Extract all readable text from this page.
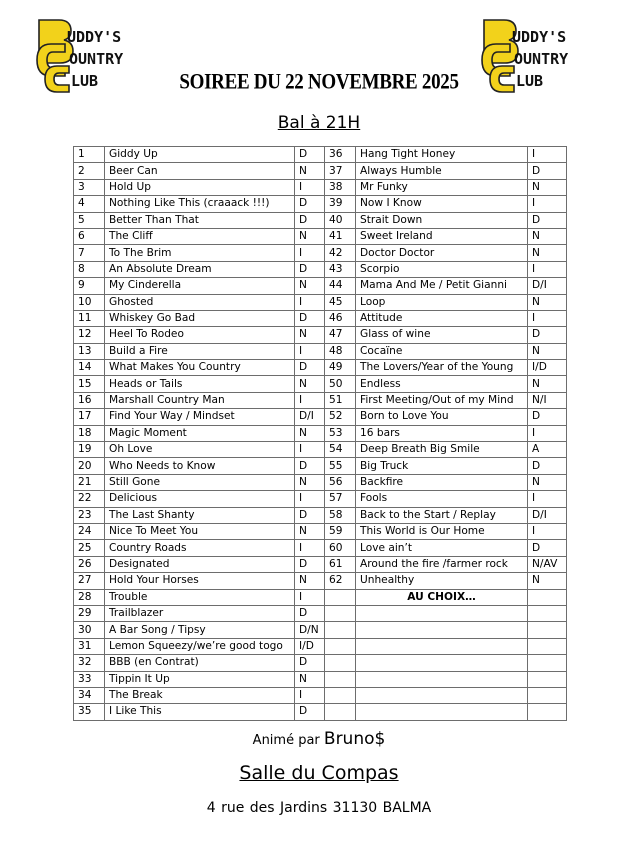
UDDY'S
OUNTRY
LUB
UDDY'S
OUNTRY
LUB
SOIREE DU 22 NOVEMBRE 2025
Bal à 21H
1	Giddy Up	D	36	Hang Tight Honey	I
2	Beer Can	N	37	Always Humble	D
3	Hold Up	I	38	Mr Funky	N
4	Nothing Like This (craaack !!!)	D	39	Now I Know	I
5	Better Than That	D	40	Strait Down	D
6	The Cliff	N	41	Sweet Ireland	N
7	To The Brim	I	42	Doctor Doctor	N
8	An Absolute Dream	D	43	Scorpio	I
9	My Cinderella	N	44	Mama And Me / Petit Gianni	D/I
10	Ghosted	I	45	Loop	N
11	Whiskey Go Bad	D	46	Attitude	I
12	Heel To Rodeo	N	47	Glass of wine	D
13	Build a Fire	I	48	Cocaïne	N
14	What Makes You Country	D	49	The Lovers/Year of the Young	I/D
15	Heads or Tails	N	50	Endless	N
16	Marshall Country Man	I	51	First Meeting/Out of my Mind	N/I
17	Find Your Way / Mindset	D/I	52	Born to Love You	D
18	Magic Moment	N	53	16 bars	I
19	Oh Love	I	54	Deep Breath Big Smile	A
20	Who Needs to Know	D	55	Big Truck	D
21	Still Gone	N	56	Backfire	N
22	Delicious	I	57	Fools	I
23	The Last Shanty	D	58	Back to the Start / Replay	D/I
24	Nice To Meet You	N	59	This World is Our Home	I
25	Country Roads	I	60	Love ain’t	D
26	Designated	D	61	Around the fire /farmer rock	N/AV
27	Hold Your Horses	N	62	Unhealthy	N
28	Trouble	I		AU CHOIX…	
29	Trailblazer	D			
30	A Bar Song / Tipsy	D/N			
31	Lemon Squeezy/we’re good togo	I/D			
32	BBB (en Contrat)	D			
33	Tippin It Up	N			
34	The Break	I			
35	I Like This	D			
Animé par Bruno$
Salle du Compas
4 rue des Jardins 31130 BALMA
